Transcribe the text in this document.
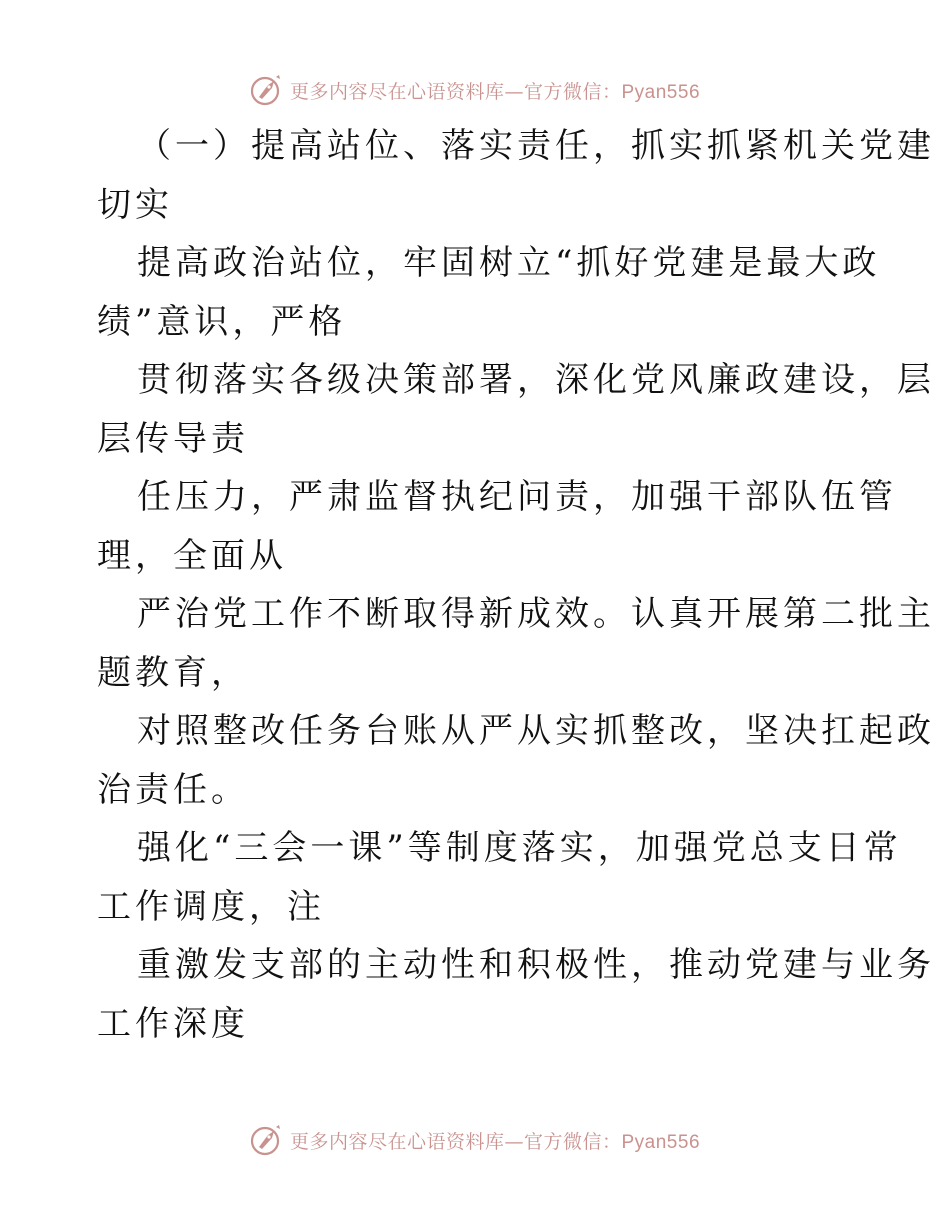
更多内容尽在心语资料库—官方微信：Pyan556
（一）提高站位、落实责任，抓实抓紧机关党建
切实
提高政治站位，牢固树立“抓好党建是最大政
绩”意识，严格
贯彻落实各级决策部署，深化党风廉政建设，层
层传导责
任压力，严肃监督执纪问责，加强干部队伍管
理，全面从
严治党工作不断取得新成效。认真开展第二批主
题教育，
对照整改任务台账从严从实抓整改，坚决扛起政
治责任。
强化“三会一课”等制度落实，加强党总支日常
工作调度，注
重激发支部的主动性和积极性，推动党建与业务
工作深度
更多内容尽在心语资料库—官方微信：Pyan556
